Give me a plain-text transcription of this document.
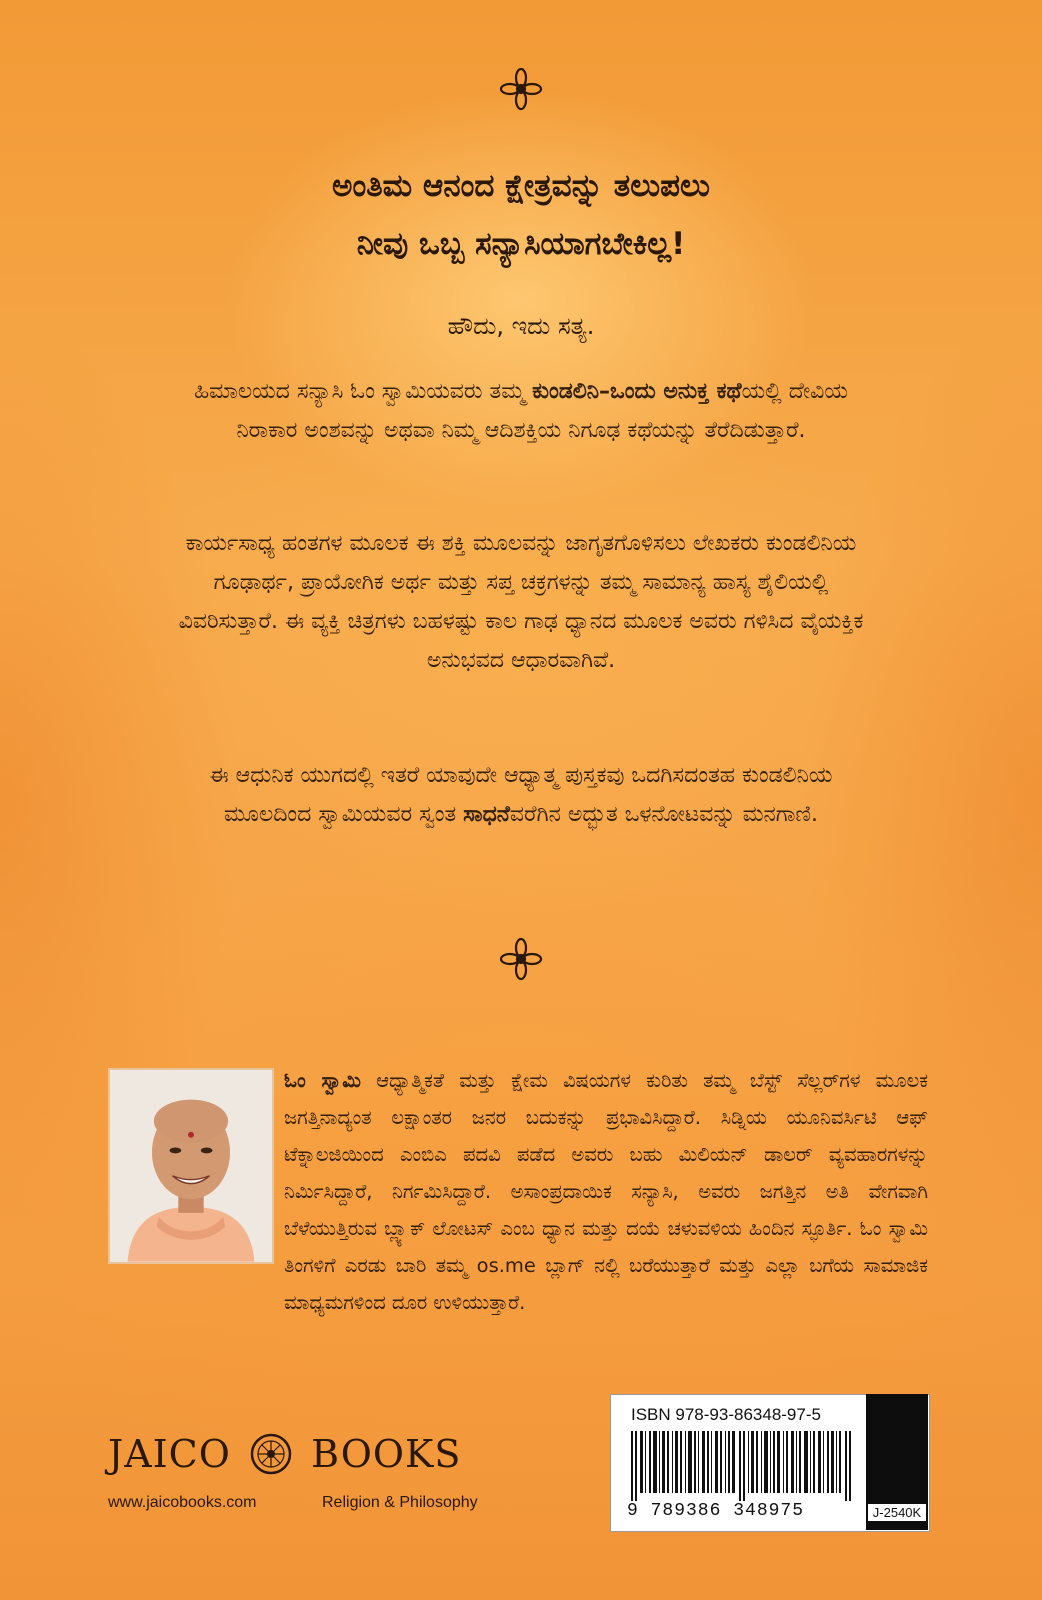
ಅಂತಿಮ ಆನಂದ ಕ್ಷೇತ್ರವನ್ನು ತಲುಪಲು

ನೀವು ಒಬ್ಬ ಸನ್ಯಾಸಿಯಾಗಬೇಕಿಲ್ಲ!

ಹೌದು, ಇದು ಸತ್ಯ.

ಹಿಮಾಲಯದ ಸನ್ಯಾಸಿ ಓಂ ಸ್ವಾಮಿಯವರು ತಮ್ಮ ಕುಂಡಲಿನಿ–ಒಂದು ಅನುಕ್ತ ಕಥೆಯಲ್ಲಿ ದೇವಿಯ ನಿರಾಕಾರ ಅಂಶವನ್ನು ಅಥವಾ ನಿಮ್ಮ ಆದಿಶಕ್ತಿಯ ನಿಗೂಢ ಕಥೆಯನ್ನು ತೆರೆದಿಡುತ್ತಾರೆ.

ಕಾರ್ಯಸಾಧ್ಯ ಹಂತಗಳ ಮೂಲಕ ಈ ಶಕ್ತಿ ಮೂಲವನ್ನು ಜಾಗೃತಗೊಳಿಸಲು ಲೇಖಕರು ಕುಂಡಲಿನಿಯ ಗೂಢಾರ್ಥ, ಪ್ರಾಯೋಗಿಕ ಅರ್ಥ ಮತ್ತು ಸಪ್ತ ಚಕ್ರಗಳನ್ನು ತಮ್ಮ ಸಾಮಾನ್ಯ ಹಾಸ್ಯ ಶೈಲಿಯಲ್ಲಿ ವಿವರಿಸುತ್ತಾರೆ. ಈ ವ್ಯಕ್ತಿ ಚಿತ್ರಗಳು ಬಹಳಷ್ಟು ಕಾಲ ಗಾಢ ಧ್ಯಾನದ ಮೂಲಕ ಅವರು ಗಳಿಸಿದ ವೈಯಕ್ತಿಕ ಅನುಭವದ ಆಧಾರವಾಗಿವೆ.

ಈ ಆಧುನಿಕ ಯುಗದಲ್ಲಿ ಇತರೆ ಯಾವುದೇ ಆಧ್ಯಾತ್ಮ ಪುಸ್ತಕವು ಒದಗಿಸದಂತಹ ಕುಂಡಲಿನಿಯ ಮೂಲದಿಂದ ಸ್ವಾಮಿಯವರ ಸ್ವಂತ ಸಾಧನೆವರೆಗಿನ ಅದ್ಭುತ ಒಳನೋಟವನ್ನು ಮನಗಾಣಿ.

ಓಂ ಸ್ವಾಮಿ ಆಧ್ಯಾತ್ಮಿಕತೆ ಮತ್ತು ಕ್ಷೇಮ ವಿಷಯಗಳ ಕುರಿತು ತಮ್ಮ ಬೆಸ್ಟ್ ಸೆಲ್ಲರ್‌ಗಳ ಮೂಲಕ ಜಗತ್ತಿನಾದ್ಯಂತ ಲಕ್ಷಾಂತರ ಜನರ ಬದುಕನ್ನು ಪ್ರಭಾವಿಸಿದ್ದಾರೆ. ಸಿಡ್ನಿಯ ಯೂನಿವರ್ಸಿಟಿ ಆಫ್ ಟೆಕ್ನಾಲಜಿಯಿಂದ ಎಂಬಿಎ ಪದವಿ ಪಡೆದ ಅವರು ಬಹು ಮಿಲಿಯನ್ ಡಾಲರ್ ವ್ಯವಹಾರಗಳನ್ನು ನಿರ್ಮಿಸಿದ್ದಾರೆ, ನಿರ್ಗಮಿಸಿದ್ದಾರೆ. ಅಸಾಂಪ್ರದಾಯಿಕ ಸನ್ಯಾಸಿ, ಅವರು ಜಗತ್ತಿನ ಅತಿ ವೇಗವಾಗಿ ಬೆಳೆಯುತ್ತಿರುವ ಬ್ಲ್ಯಾಕ್ ಲೋಟಸ್ ಎಂಬ ಧ್ಯಾನ ಮತ್ತು ದಯೆ ಚಳುವಳಿಯ ಹಿಂದಿನ ಸ್ಫೂರ್ತಿ. ಓಂ ಸ್ವಾಮಿ ತಿಂಗಳಿಗೆ ಎರಡು ಬಾರಿ ತಮ್ಮ os.me ಬ್ಲಾಗ್ ನಲ್ಲಿ ಬರೆಯುತ್ತಾರೆ ಮತ್ತು ಎಲ್ಲಾ ಬಗೆಯ ಸಾಮಾಜಿಕ ಮಾಧ್ಯಮಗಳಿಂದ ದೂರ ಉಳಿಯುತ್ತಾರೆ.

JAICO BOOKS
www.jaicobooks.com	Religion & Philosophy
ISBN 978-93-86348-97-5
9 789386 348975	J-2540K
